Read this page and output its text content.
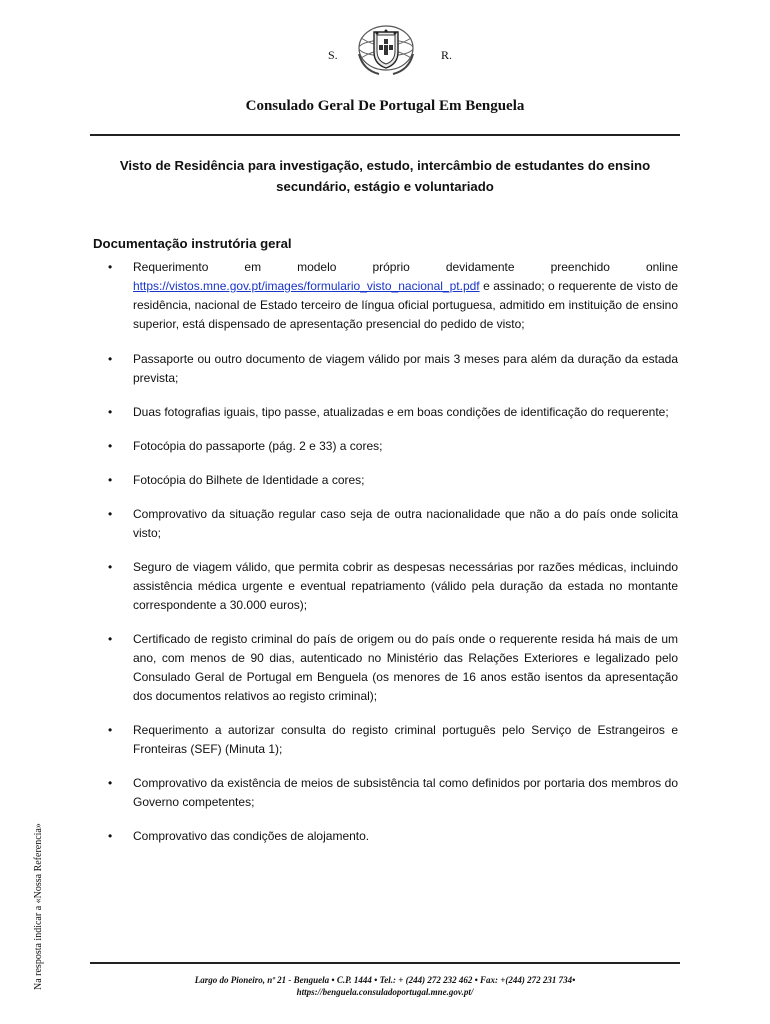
S.	R.
Consulado Geral De Portugal Em Benguela
Visto de Residência para investigação, estudo, intercâmbio de estudantes do ensino secundário, estágio e voluntariado
Documentação instrutória geral
• Requerimento em modelo próprio devidamente preenchido online
https://vistos.mne.gov.pt/images/formulario_visto_nacional_pt.pdf e assinado; o requerente de visto de residência, nacional de Estado terceiro de língua oficial portuguesa, admitido em instituição de ensino superior, está dispensado de apresentação presencial do pedido de visto;
• Passaporte ou outro documento de viagem válido por mais 3 meses para além da duração da estada prevista;
• Duas fotografias iguais, tipo passe, atualizadas e em boas condições de identificação do requerente;
• Fotocópia do passaporte (pág. 2 e 33) a cores;
• Fotocópia do Bilhete de Identidade a cores;
• Comprovativo da situação regular caso seja de outra nacionalidade que não a do país onde solicita visto;
• Seguro de viagem válido, que permita cobrir as despesas necessárias por razões médicas, incluindo assistência médica urgente e eventual repatriamento (válido pela duração da estada no montante correspondente a 30.000 euros);
• Certificado de registo criminal do país de origem ou do país onde o requerente resida há mais de um ano, com menos de 90 dias, autenticado no Ministério das Relações Exteriores e legalizado pelo Consulado Geral de Portugal em Benguela (os menores de 16 anos estão isentos da apresentação dos documentos relativos ao registo criminal);
• Requerimento a autorizar consulta do registo criminal português pelo Serviço de Estrangeiros e Fronteiras (SEF) (Minuta 1);
• Comprovativo da existência de meios de subsistência tal como definidos por portaria dos membros do Governo competentes;
• Comprovativo das condições de alojamento.
Na resposta indicar a «Nossa Referencia»	Largo do Pioneiro, nº 21 - Benguela • C.P. 1444 • Tel.: + (244) 272 232 462 • Fax: +(244) 272 231 734•
https://benguela.consuladoportugal.mne.gov.pt/
